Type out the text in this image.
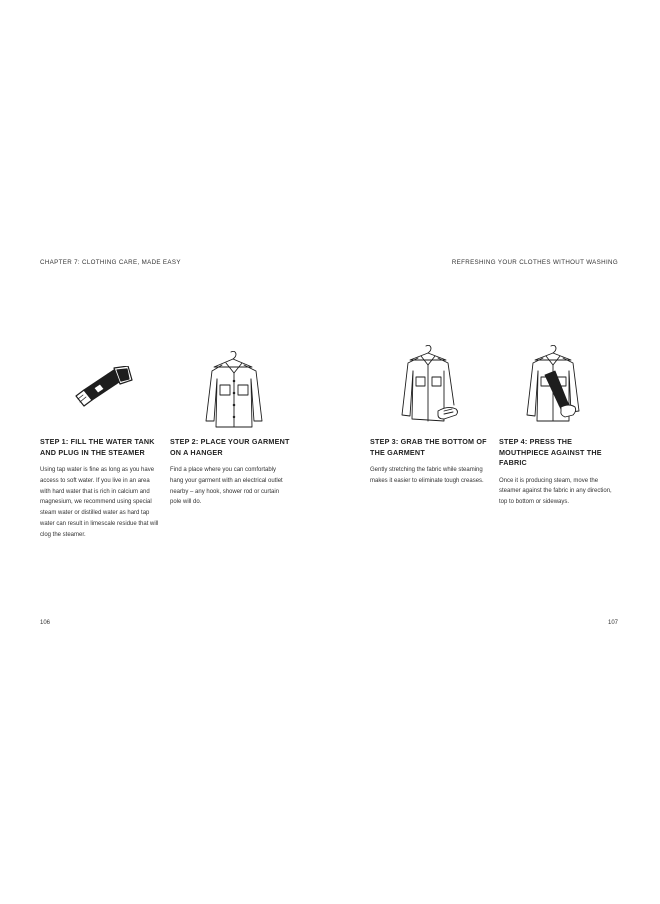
CHAPTER 7: CLOTHING CARE, MADE EASY	REFRESHING YOUR CLOTHES WITHOUT WASHING

STEP 1: FILL THE WATER TANK AND PLUG IN THE STEAMER

Using tap water is fine as long as you have access to soft water. If you live in an area with hard water that is rich in calcium and magnesium, we recommend using special steam water or distilled water as hard tap water can result in limescale residue that will clog the steamer.

STEP 2: PLACE YOUR GARMENT ON A HANGER

Find a place where you can comfortably hang your garment with an electrical outlet nearby – any hook, shower rod or curtain pole will do.

STEP 3: GRAB THE BOTTOM OF THE GARMENT

Gently stretching the fabric while steaming makes it easier to eliminate tough creases.

STEP 4: PRESS THE MOUTHPIECE AGAINST THE FABRIC

Once it is producing steam, move the steamer against the fabric in any direction, top to bottom or sideways.

106	107
